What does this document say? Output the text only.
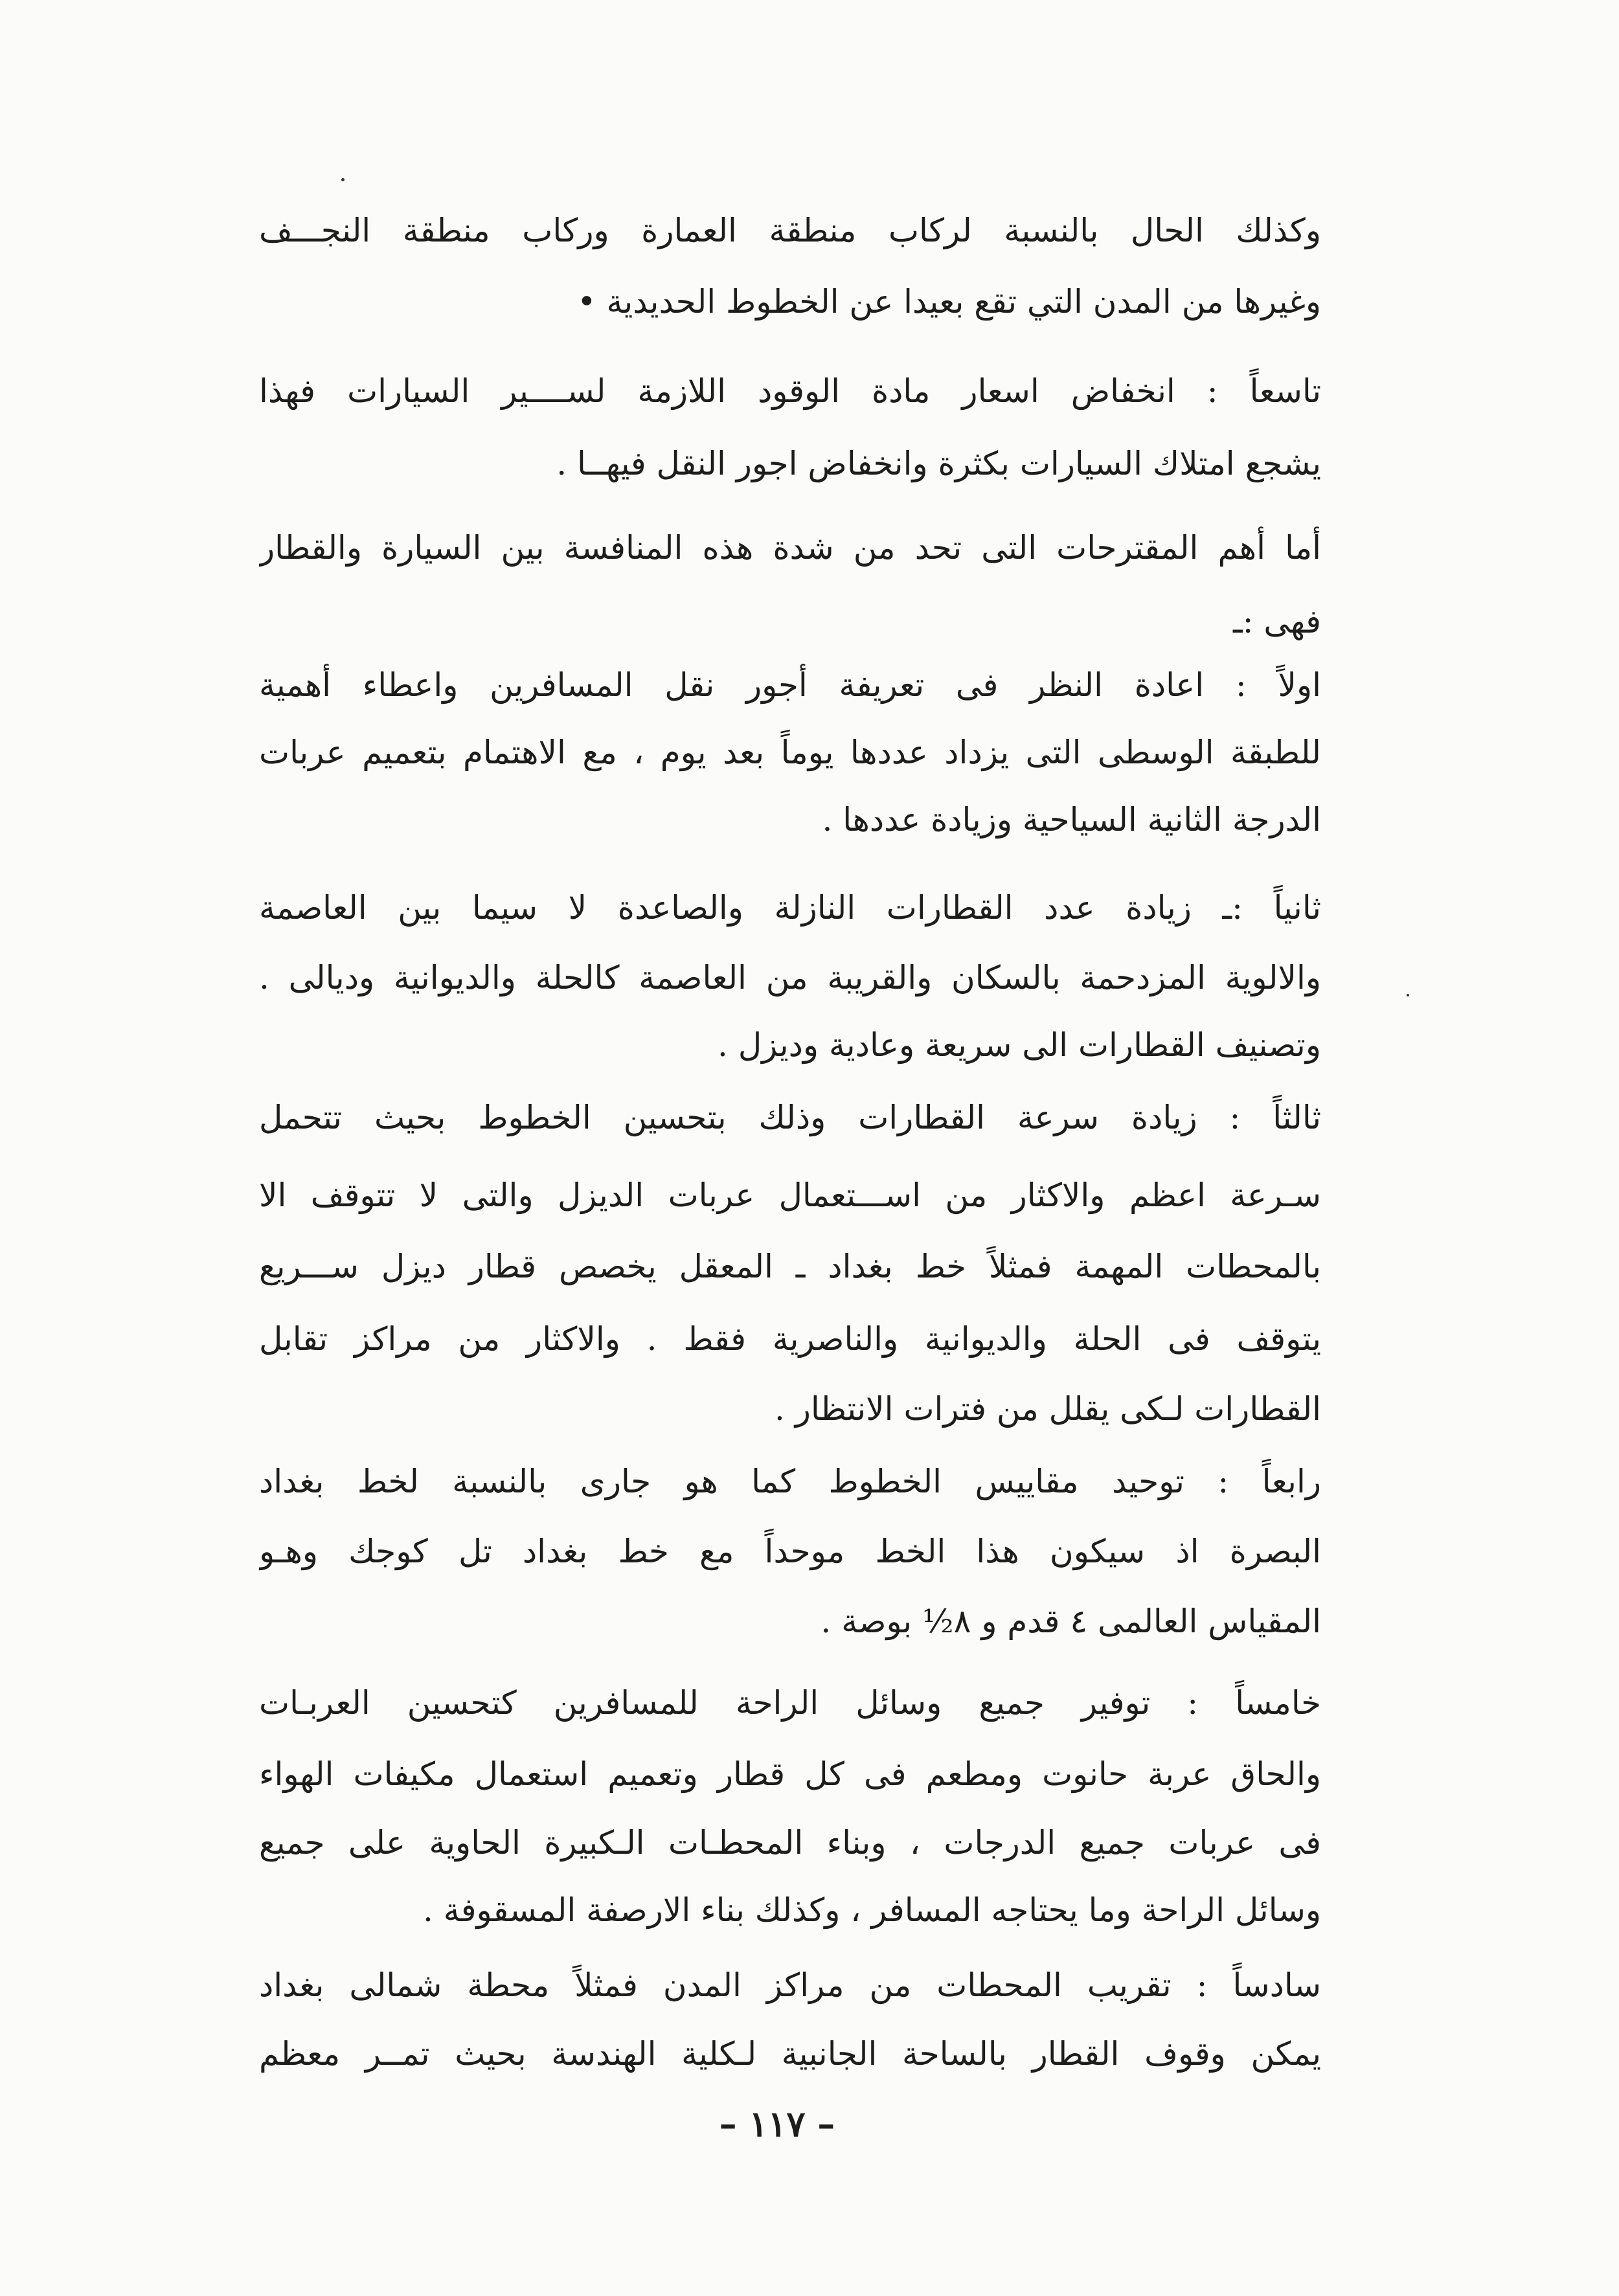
وكذلك الحال بالنسبة لركاب منطقة العمارة وركاب منطقة النجـــف
وغيرها من المدن التي تقع بعيدا عن الخطوط الحديدية •
تاسعاً : انخفاض اسعار مادة الوقود اللازمة لســــير السيارات فهذا
يشجع امتلاك السيارات بكثرة وانخفاض اجور النقل فيهــا .
أما أهم المقترحات التى تحد من شدة هذه المنافسة بين السيارة والقطار
فهى :ـ
اولاً : اعادة النظر فى تعريفة أجور نقل المسافرين واعطاء أهمية
للطبقة الوسطى التى يزداد عددها يوماً بعد يوم ، مع الاهتمام بتعميم عربات
الدرجة الثانية السياحية وزيادة عددها .
ثانياً :ـ زيادة عدد القطارات النازلة والصاعدة لا سيما بين العاصمة
والالوية المزدحمة بالسكان والقريبة من العاصمة كالحلة والديوانية وديالى .
وتصنيف القطارات الى سريعة وعادية وديزل .
ثالثاً : زيادة سرعة القطارات وذلك بتحسين الخطوط بحيث تتحمل
سـرعة اعظم والاكثار من اســـتعمال عربات الديزل والتى لا تتوقف الا
بالمحطات المهمة فمثلاً خط بغداد ـ المعقل يخصص قطار ديزل ســـريع
يتوقف فى الحلة والديوانية والناصرية فقط . والاكثار من مراكز تقابل
القطارات لـكى يقلل من فترات الانتظار .
رابعاً : توحيد مقاييس الخطوط كما هو جارى بالنسبة لخط بغداد
البصرة اذ سيكون هذا الخط موحداً مع خط بغداد تل كوجك وهـو
المقياس العالمى ٤ قدم و ٨½ بوصة .
خامساً : توفير جميع وسائل الراحة للمسافرين كتحسين العربـات
والحاق عربة حانوت ومطعم فى كل قطار وتعميم استعمال مكيفات الهواء
فى عربات جميع الدرجات ، وبناء المحطـات الـكبيرة الحاوية على جميع
وسائل الراحة وما يحتاجه المسافر ، وكذلك بناء الارصفة المسقوفة .
سادساً : تقريب المحطات من مراكز المدن فمثلاً محطة شمالى بغداد
يمكن وقوف القطار بالساحة الجانبية لـكلية الهندسة بحيث تمــر معظم
– ١١٧ –
